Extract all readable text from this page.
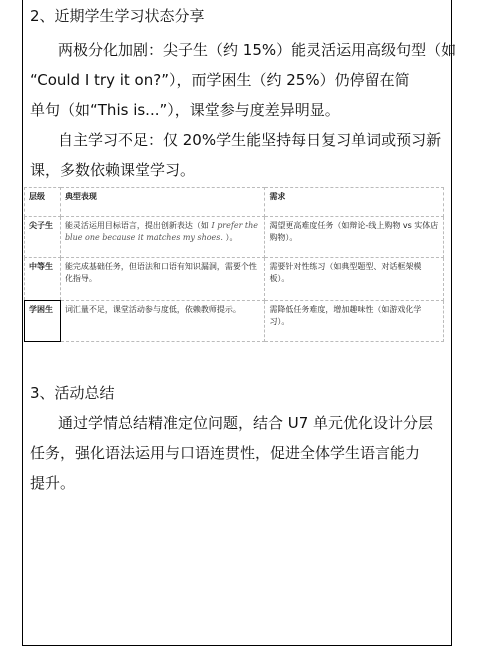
2、近期学生学习状态分享
两极分化加剧：尖子生（约 15%）能灵活运用高级句型（如
“Could I try it on?”），而学困生（约 25%）仍停留在简
单句（如“This is...”），课堂参与度差异明显。
自主学习不足：仅 20%学生能坚持每日复习单词或预习新
课，多数依赖课堂学习。
层级	典型表现	需求
尖子生	能灵活运用目标语言，提出创新表达（如 I prefer the blue one because it matches my shoes. ）。	渴望更高难度任务（如辩论-线上购物 vs 实体店购物）。
中等生	能完成基础任务，但语法和口语有知识漏洞，需要个性化指导。	需要针对性练习（如典型题型、对话框架模板）。
学困生	词汇量不足，课堂活动参与度低，依赖教师提示。	需降低任务难度，增加趣味性（如游戏化学习）。
3、活动总结
通过学情总结精准定位问题，结合 U7 单元优化设计分层
任务，强化语法运用与口语连贯性，促进全体学生语言能力
提升。
